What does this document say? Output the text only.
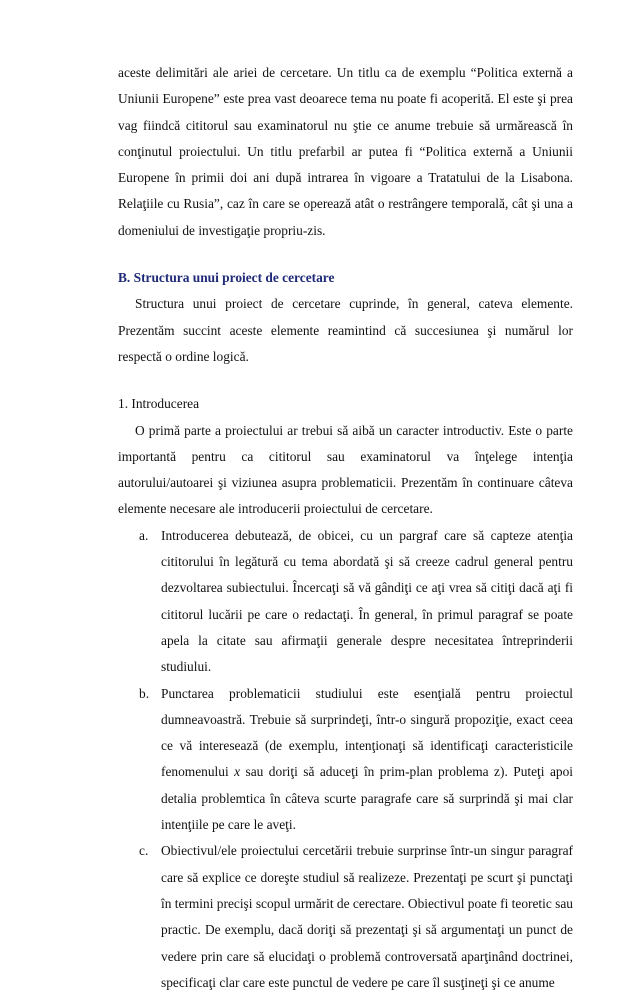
aceste delimitări ale ariei de cercetare. Un titlu ca de exemplu “Politica externă a Uniunii Europene” este prea vast deoarece tema nu poate fi acoperită. El este şi prea vag fiindcă cititorul sau examinatorul nu ştie ce anume trebuie să urmărească în conţinutul proiectului. Un titlu prefarbil ar putea fi “Politica externă a Uniunii Europene în primii doi ani după intrarea în vigoare a Tratatului de la Lisabona. Relaţiile cu Rusia”, caz în care se operează atât o restrângere temporală, cât şi una a domeniului de investigaţie propriu-zis.

B. Structura unui proiect de cercetare

Structura unui proiect de cercetare cuprinde, în general, cateva elemente. Prezentăm succint aceste elemente reamintind că succesiunea şi numărul lor respectă o ordine logică.

1. Introducerea

O primă parte a proiectului ar trebui să aibă un caracter introductiv. Este o parte importantă pentru ca cititorul sau examinatorul va înţelege intenţia autorului/autoarei şi viziunea asupra problematicii. Prezentăm în continuare câteva elemente necesare ale introducerii proiectului de cercetare.

a. Introducerea debutează, de obicei, cu un pargraf care să capteze atenţia cititorului în legătură cu tema abordată şi să creeze cadrul general pentru dezvoltarea subiectului. Încercaţi să vă gândiţi ce aţi vrea să citiţi dacă aţi fi cititorul lucării pe care o redactaţi. În general, în primul paragraf se poate apela la citate sau afirmaţii generale despre necesitatea întreprinderii studiului.
b. Punctarea problematicii studiului este esenţială pentru proiectul dumneavoastră. Trebuie să surprindeţi, într-o singură propoziţie, exact ceea ce vă interesează (de exemplu, intenţionaţi să identificaţi caracteristicile fenomenului x sau doriţi să aduceţi în prim-plan problema z). Puteţi apoi detalia problemtica în câteva scurte paragrafe care să surprindă şi mai clar intenţiile pe care le aveţi.
c. Obiectivul/ele proiectului cercetării trebuie surprinse într-un singur paragraf care să explice ce doreşte studiul să realizeze. Prezentaţi pe scurt şi punctaţi în termini precişi scopul urmărit de cerectare. Obiectivul poate fi teoretic sau practic. De exemplu, dacă doriţi să prezentaţi şi să argumentaţi un punct de vedere prin care să elucidaţi o problemă controversată aparţinând doctrinei, specificaţi clar care este punctul de vedere pe care îl susţineţi şi ce anume
